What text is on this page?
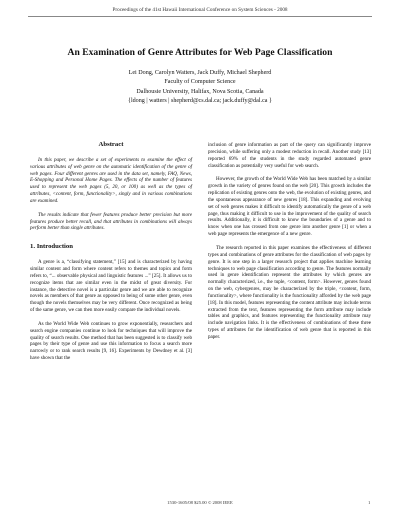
Proceedings of the 41st Hawaii International Conference on System Sciences - 2008
An Examination of Genre Attributes for Web Page Classification
Lei Dong, Carolyn Watters, Jack Duffy, Michael Shepherd
Faculty of Computer Science
Dalhousie University, Halifax, Nova Scotia, Canada
{ldong | watters | shepherd@cs.dal.ca; jack.duffy@dal.ca }
Abstract

In this paper, we describe a set of experiments to examine the effect of various attributes of web genre on the automatic identification of the genre of web pages. Four different genres are used in the data set, namely, FAQ, News, E-Shopping and Personal Home Pages. The effects of the number of features used to represent the web pages (5, 20, or 100) as well as the types of attributes, <content, form, functionality>, singly and in various combinations are examined.

The results indicate that fewer features produce better precision but more features produce better recall, and that attributes in combinations will always perform better than single attributes.

1. Introduction

A genre is a, “classifying statement,” [15] and is characterized by having similar content and form where content refers to themes and topics and form refers to, “... observable physical and linguistic features ...” [25]. It allows us to recognize items that are similar even in the midst of great diversity. For instance, the detective novel is a particular genre and we are able to recognize novels as members of that genre as opposed to being of some other genre, even though the novels themselves may be very different. Once recognized as being of the same genre, we can then more easily compare the individual novels.

As the World Wide Web continues to grow exponentially, researchers and search engine companies continue to look for techniques that will improve the quality of search results. One method that has been suggested is to classify web pages by their type of genre and use this information to focus a search more narrowly or to rank search results [9, 16]. Experiments by Dewdney et al. [3] have shown that the

inclusion of genre information as part of the query can significantly improve precision, while suffering only a modest reduction in recall. Another study [13] reported 69% of the students in the study regarded automated genre classification as potentially very useful for web search.

However, the growth of the World Wide Web has been matched by a similar growth in the variety of genres found on the web [20]. This growth includes the replication of existing genres onto the web, the evolution of existing genres, and the spontaneous appearance of new genres [18]. This expanding and evolving set of web genres makes it difficult to identify automatically the genre of a web page, thus making it difficult to use in the improvement of the quality of search results. Additionally, it is difficult to know the boundaries of a genre and to know when one has crossed from one genre into another genre [1] or when a web page represents the emergence of a new genre.

The research reported in this paper examines the effectiveness of different types and combinations of genre attributes for the classification of web pages by genre. It is one step in a larger research project that applies machine learning techniques to web page classification according to genre. The features normally used in genre identification represent the attributes by which genres are normally characterized, i.e., the tuple, <content, form>. However, genres found on the web, cybergenres, may be characterized by the triple, <content, form, functionality>, where functionality is the functionality afforded by the web page [18]. In this model, features representing the content attribute may include terms extracted from the text, features representing the form attribute may include tables and graphics, and features representing the functionality attribute may include navigation links. It is the effectiveness of combinations of these three types of attributes for the identification of web genre that is reported in this paper.

1530-1605/08 $25.00 © 2008 IEEE	1
